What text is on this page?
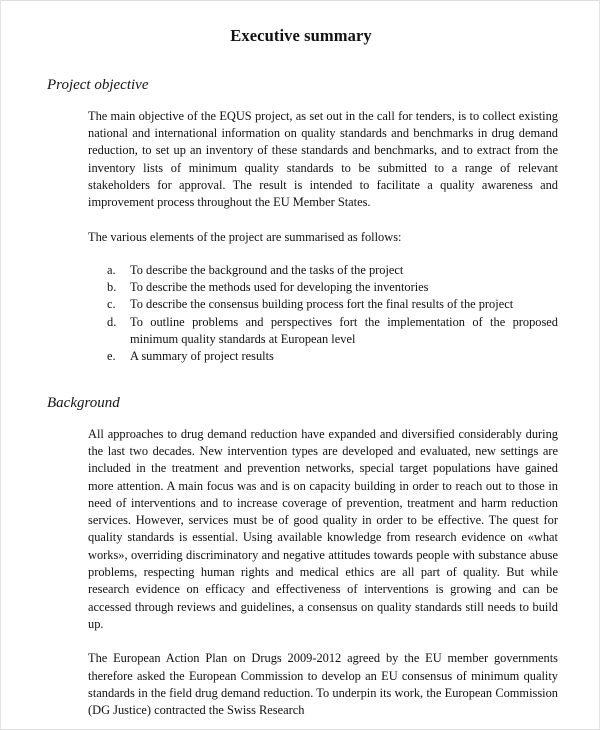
Executive summary
Project objective

The main objective of the EQUS project, as set out in the call for tenders, is to collect existing national and international information on quality standards and benchmarks in drug demand reduction, to set up an inventory of these standards and benchmarks, and to extract from the inventory lists of minimum quality standards to be submitted to a range of relevant stakeholders for approval. The result is intended to facilitate a quality awareness and improvement process throughout the EU Member States.

The various elements of the project are summarised as follows:

a.	To describe the background and the tasks of the project
b.	To describe the methods used for developing the inventories
c.	To describe the consensus building process fort the final results of the project
d.	To outline problems and perspectives fort the implementation of the proposed minimum quality standards at European level
e.	A summary of project results
Background

All approaches to drug demand reduction have expanded and diversified considerably during the last two decades. New intervention types are developed and evaluated, new settings are included in the treatment and prevention networks, special target populations have gained more attention. A main focus was and is on capacity building in order to reach out to those in need of interventions and to increase coverage of prevention, treatment and harm reduction services. However, services must be of good quality in order to be effective. The quest for quality standards is essential. Using available knowledge from research evidence on «what works», overriding discriminatory and negative attitudes towards people with substance abuse problems, respecting human rights and medical ethics are all part of quality. But while research evidence on efficacy and effectiveness of interventions is growing and can be accessed through reviews and guidelines, a consensus on quality standards still needs to build up.

The European Action Plan on Drugs 2009-2012 agreed by the EU member governments therefore asked the European Commission to develop an EU consensus of minimum quality standards in the field drug demand reduction. To underpin its work, the European Commission (DG Justice) contracted the Swiss Research
